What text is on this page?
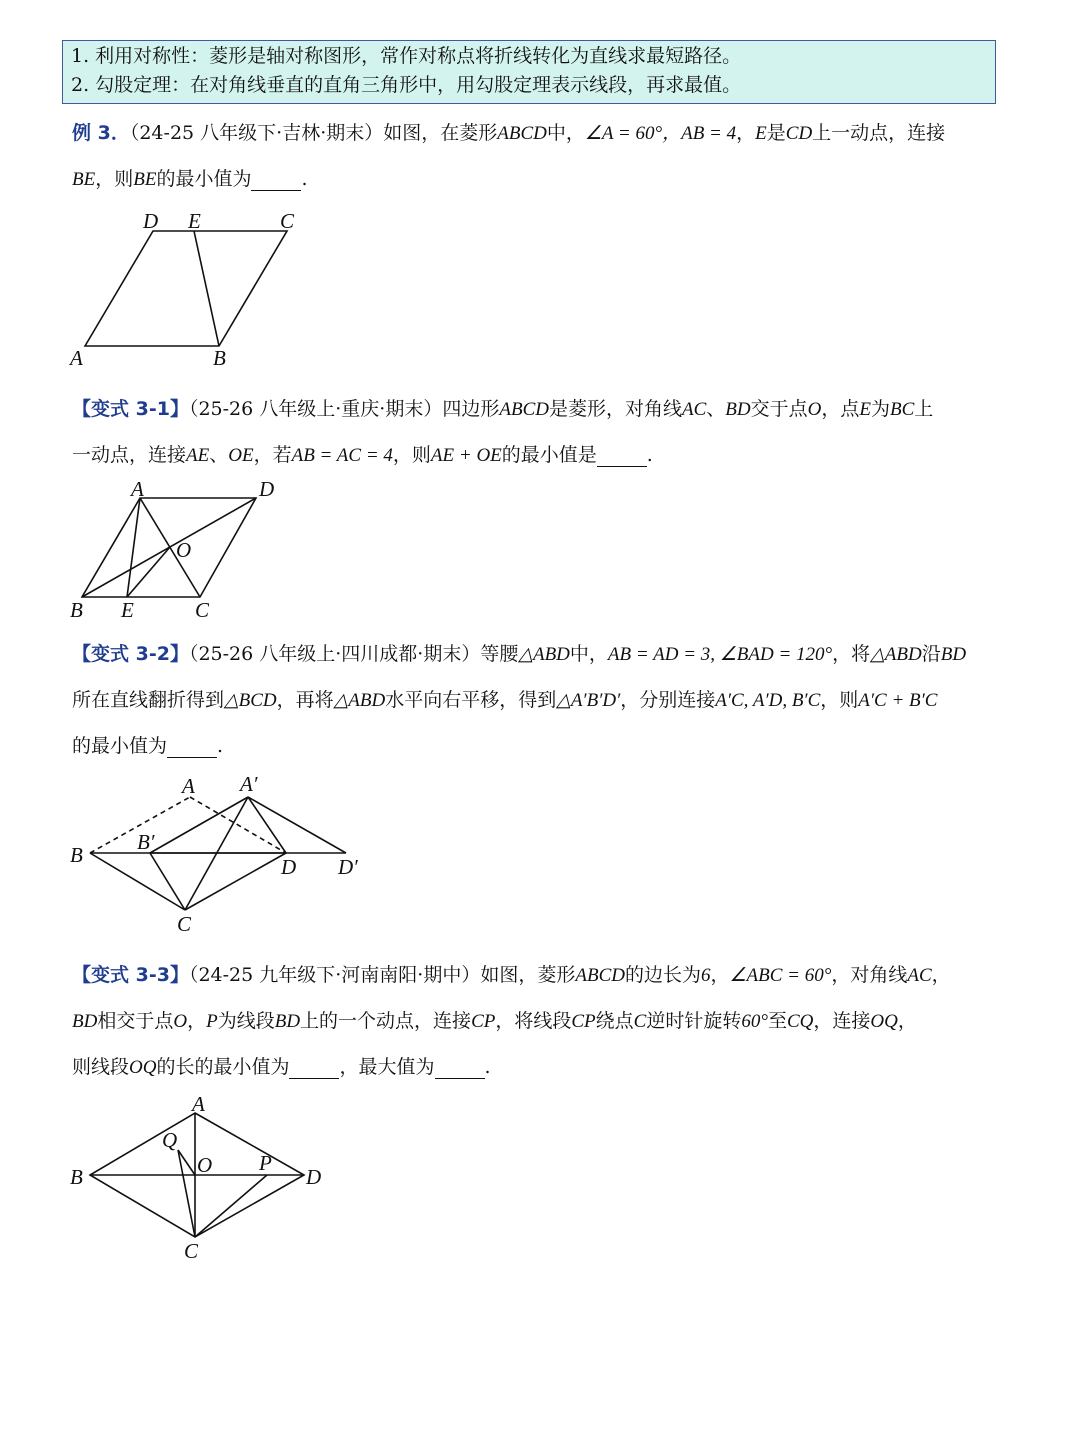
1. 利用对称性：菱形是轴对称图形，常作对称点将折线转化为直线求最短路径。
2. 勾股定理：在对角线垂直的直角三角形中，用勾股定理表示线段，再求最值。
例 3．（24-25 八年级下·吉林·期末）如图，在菱形ABCD中，∠A = 60°，AB = 4，E是CD上一动点，连接
BE，则BE的最小值为	.
A	B
C
D E
【变式 3-1】（25-26 八年级上·重庆·期末）四边形ABCD是菱形，对角线AC、BD交于点O，点E为BC上
一动点，连接AE、OE，若AB = AC = 4，则AE + OE的最小值是	.
A
B	C
D
E
O
【变式 3-2】（25-26 八年级上·四川成都·期末）等腰△ABD中，AB = AD = 3, ∠BAD = 120°，将△ABD沿BD
所在直线翻折得到△BCD，再将△ABD水平向右平移，得到△A′B′D′，分别连接A′C, A′D, B′C，则A′C + B′C
的最小值为	.
A A′
B
B′
C
D D′
【变式 3-3】（24-25 九年级下·河南南阳·期中）如图，菱形ABCD的边长为6，∠ABC = 60°，对角线AC，
BD相交于点O，P为线段BD上的一个动点，连接CP，将线段CP绕点C逆时针旋转60°至CQ，连接OQ，
则线段OQ的长的最小值为	，最大值为	.
A
B
C
D
O P
Q
